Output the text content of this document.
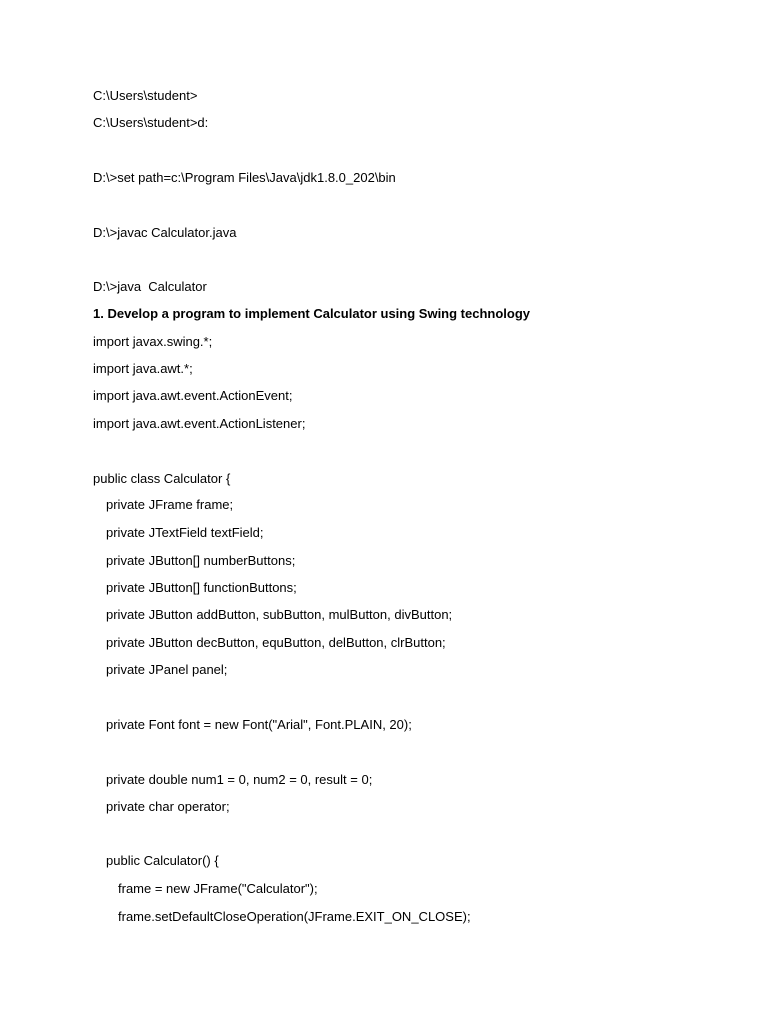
C:\Users\student>
C:\Users\student>d:
D:\>set path=c:\Program Files\Java\jdk1.8.0_202\bin
D:\>javac Calculator.java
D:\>java  Calculator
1. Develop a program to implement Calculator using Swing technology
import javax.swing.*;
import java.awt.*;
import java.awt.event.ActionEvent;
import java.awt.event.ActionListener;
public class Calculator {
private JFrame frame;
private JTextField textField;
private JButton[] numberButtons;
private JButton[] functionButtons;
private JButton addButton, subButton, mulButton, divButton;
private JButton decButton, equButton, delButton, clrButton;
private JPanel panel;
private Font font = new Font("Arial", Font.PLAIN, 20);
private double num1 = 0, num2 = 0, result = 0;
private char operator;
public Calculator() {
frame = new JFrame("Calculator");
frame.setDefaultCloseOperation(JFrame.EXIT_ON_CLOSE);
